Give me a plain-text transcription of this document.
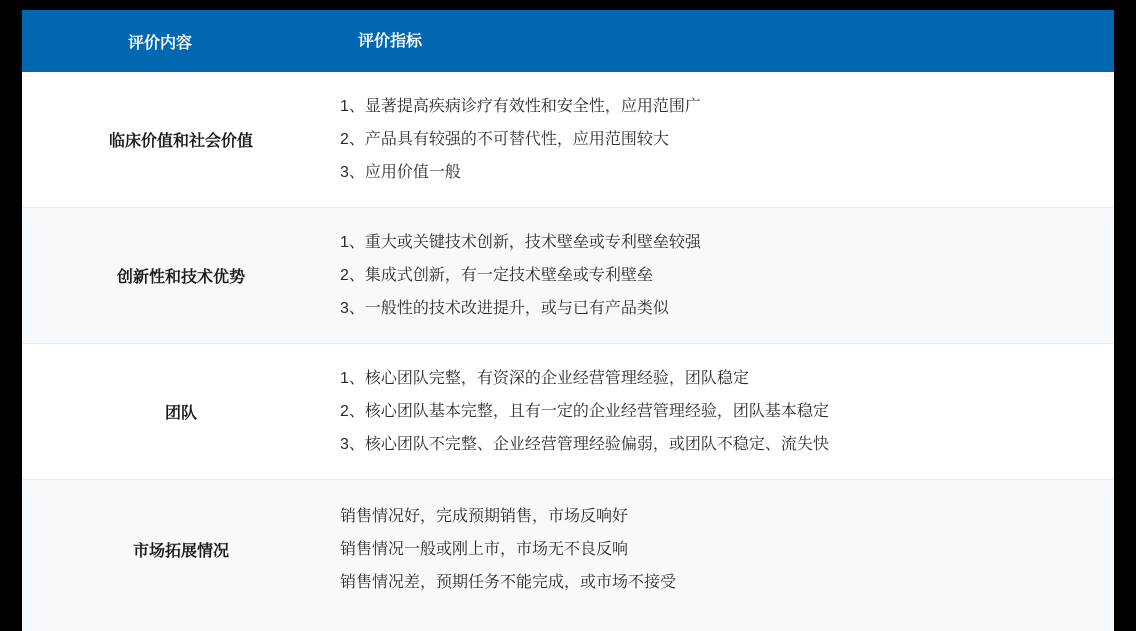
评价内容	评价指标

临床价值和社会价值	1、显著提高疾病诊疗有效性和安全性，应用范围广
2、产品具有较强的不可替代性，应用范围较大
3、应用价值一般

创新性和技术优势	1、重大或关键技术创新，技术壁垒或专利壁垒较强
2、集成式创新，有一定技术壁垒或专利壁垒
3、一般性的技术改进提升，或与已有产品类似

团队	1、核心团队完整，有资深的企业经营管理经验，团队稳定
2、核心团队基本完整，且有一定的企业经营管理经验，团队基本稳定
3、核心团队不完整、企业经营管理经验偏弱，或团队不稳定、流失快

市场拓展情况	销售情况好，完成预期销售，市场反响好
销售情况一般或刚上市，市场无不良反响
销售情况差，预期任务不能完成，或市场不接受
